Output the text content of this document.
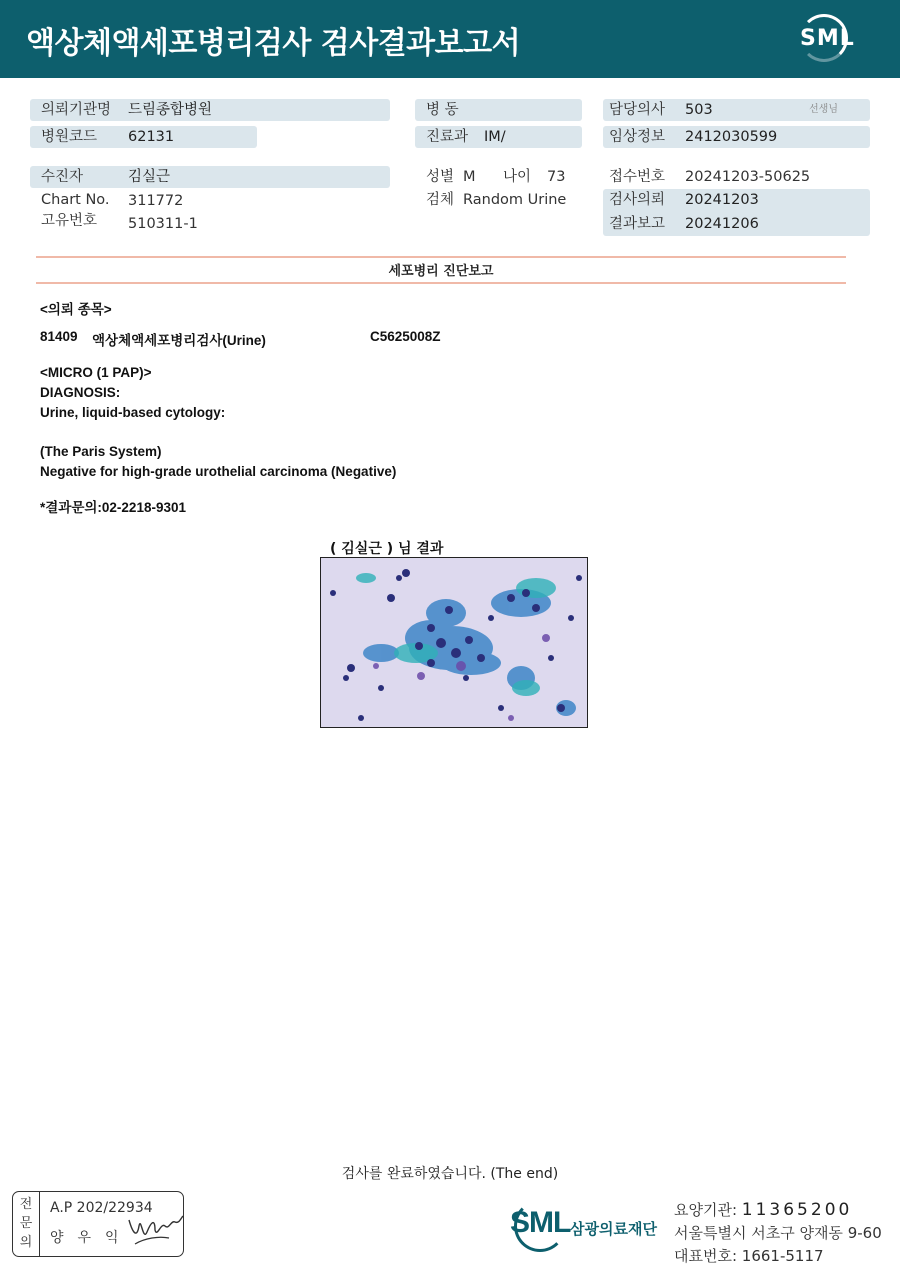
액상체액세포병리검사 검사결과보고서	SML
의뢰기관명 드림종합병원
병원코드 62131
수진자	김실근
Chart No. 311772
고유번호 510311-1
병 동
진료과 IM/
성별 M 나이 73
검체 Random Urine
담당의사 503	선생님
임상정보 2412030599
접수번호 20241203-50625
검사의뢰 20241203
결과보고 20241206
세포병리 진단보고
<의뢰 종목>
81409 액상체액세포병리검사(Urine)	C5625008Z
<MICRO (1 PAP)>
DIAGNOSIS:
Urine, liquid-based cytology:
(The Paris System)
Negative for high-grade urothelial carcinoma (Negative)
*결과문의:02-2218-9301
( 김실근 ) 님 결과
검사를 완료하였습니다. (The end)
전
문
의
A.P 202/22934
양우익	SML 삼광의료재단
요양기관: 11365200
서울특별시 서초구 양재동 9-60
대표번호: 1661-5117
